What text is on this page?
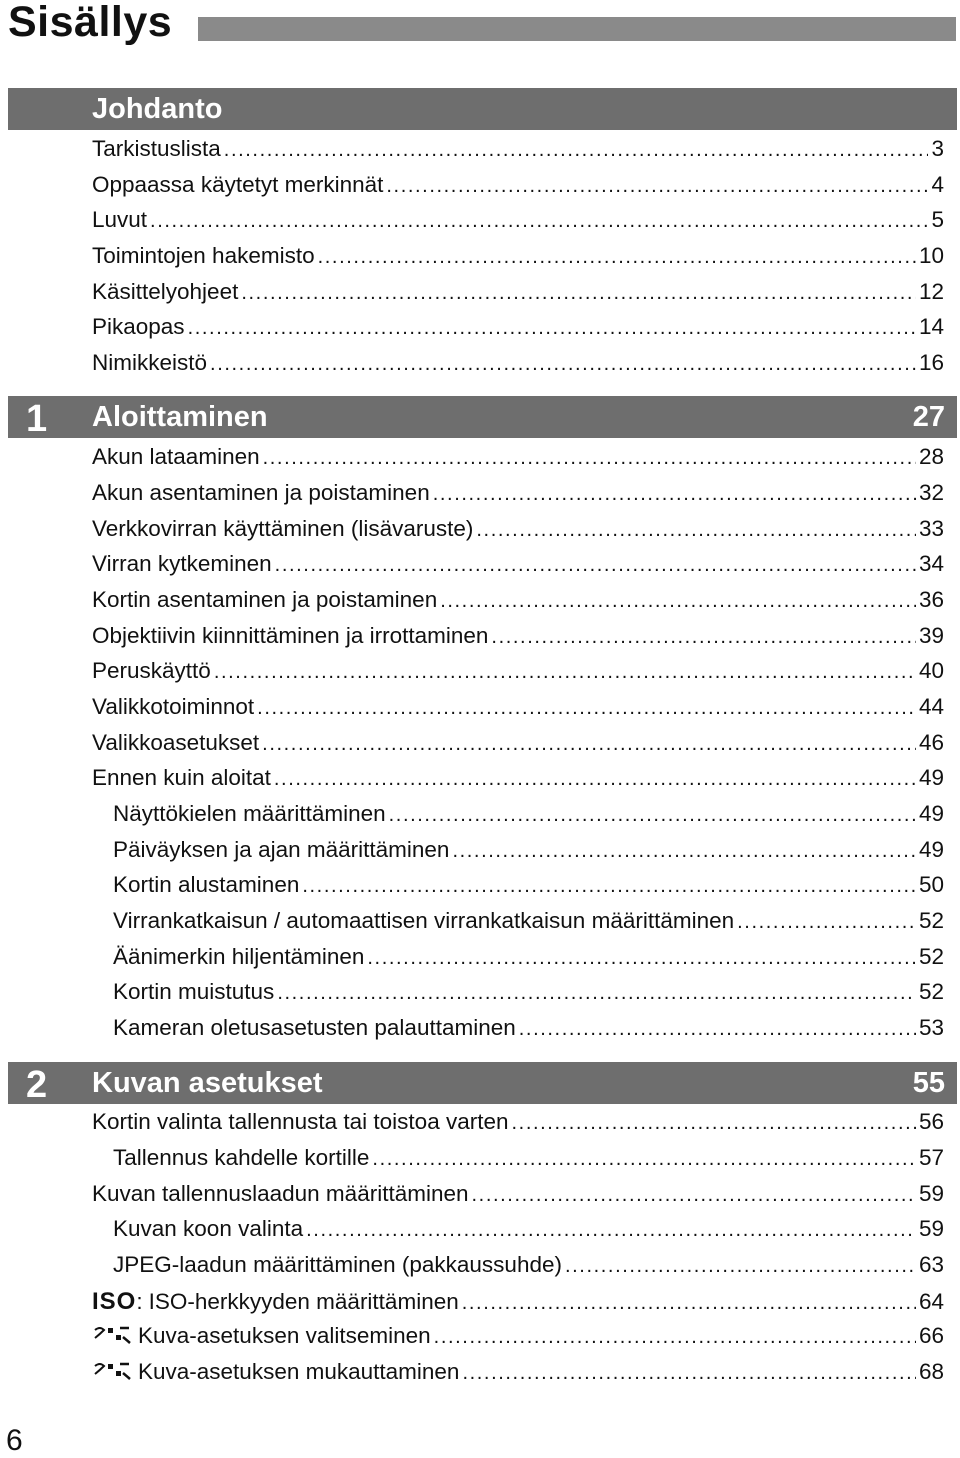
Sisällys
Johdanto
Tarkistuslista .....	3
Oppaassa käytetyt merkinnät .....	4
Luvut .....	5
Toimintojen hakemisto .....	10
Käsittelyohjeet .....	12
Pikaopas .....	14
Nimikkeistö .....	16
1 Aloittaminen	27
Akun lataaminen .....	28
Akun asentaminen ja poistaminen .....	32
Verkkovirran käyttäminen (lisävaruste) .....	33
Virran kytkeminen .....	34
Kortin asentaminen ja poistaminen .....	36
Objektiivin kiinnittäminen ja irrottaminen .....	39
Peruskäyttö .....	40
Valikkotoiminnot .....	44
Valikkoasetukset .....	46
Ennen kuin aloitat .....	49
Näyttökielen määrittäminen .....	49
Päiväyksen ja ajan määrittäminen .....	49
Kortin alustaminen .....	50
Virrankatkaisun / automaattisen virrankatkaisun määrittäminen .....	52
Äänimerkin hiljentäminen .....	52
Kortin muistutus .....	52
Kameran oletusasetusten palauttaminen .....	53
2 Kuvan asetukset	55
Kortin valinta tallennusta tai toistoa varten .....	56
Tallennus kahdelle kortille .....	57
Kuvan tallennuslaadun määrittäminen .....	59
Kuvan koon valinta .....	59
JPEG-laadun määrittäminen (pakkaussuhde) .....	63
ISO: ISO-herkkyyden määrittäminen .....	64
Kuva-asetuksen valitseminen .....	66
Kuva-asetuksen mukauttaminen .....	68
6
